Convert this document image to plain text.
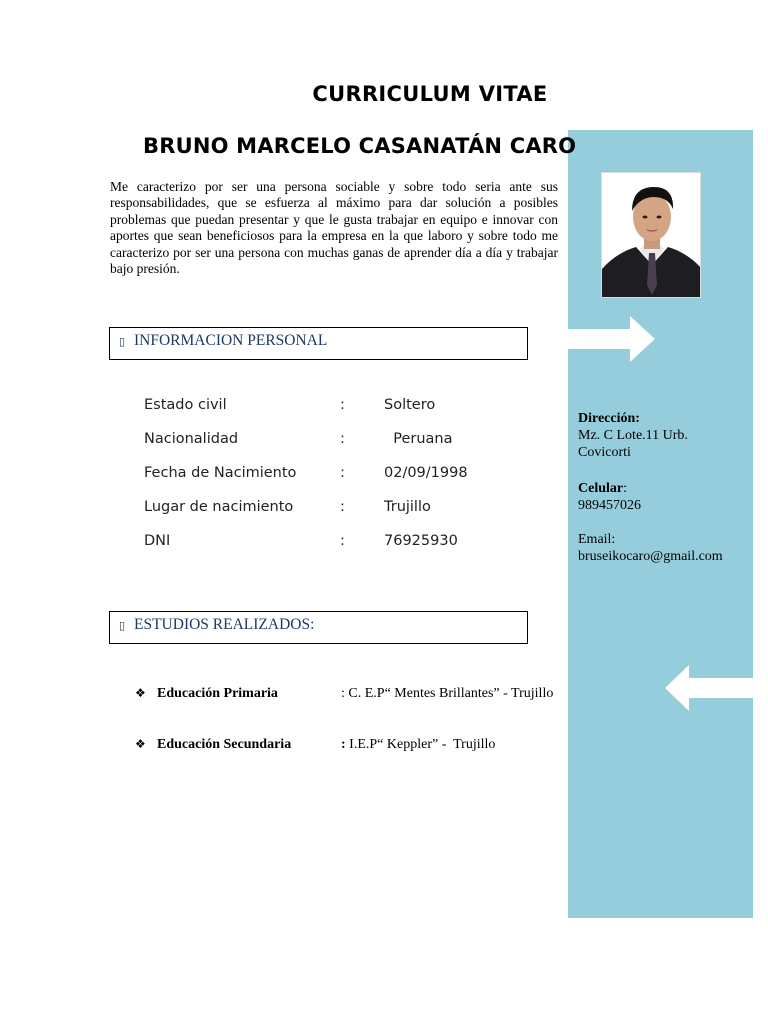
CURRICULUM VITAE
BRUNO MARCELO CASANATÁN CARO
Me caracterizo por ser una persona sociable y sobre todo seria ante sus responsabilidades, que se esfuerza al máximo para dar solución a posibles problemas que puedan presentar y que le gusta trabajar en equipo e innovar con aportes que sean beneficiosos para la empresa en la que laboro y sobre todo me caracterizo por ser una persona con muchas ganas de aprender día a día y trabajar bajo presión.
▯ INFORMACION PERSONAL
Estado civil	:	Soltero
Nacionalidad	:	Peruana
Fecha de Nacimiento	:	02/09/1998
Lugar de nacimiento	:	Trujillo
DNI	:	76925930
▯ ESTUDIOS REALIZADOS:
❖ Educación Primaria	: C. E.P“ Mentes Brillantes” - Trujillo
❖ Educación Secundaria	: I.E.P“ Keppler” -  Trujillo
Dirección:
Mz. C Lote.11 Urb.
Covicorti
Celular:
989457026
Email:
bruseikocaro@gmail.com
